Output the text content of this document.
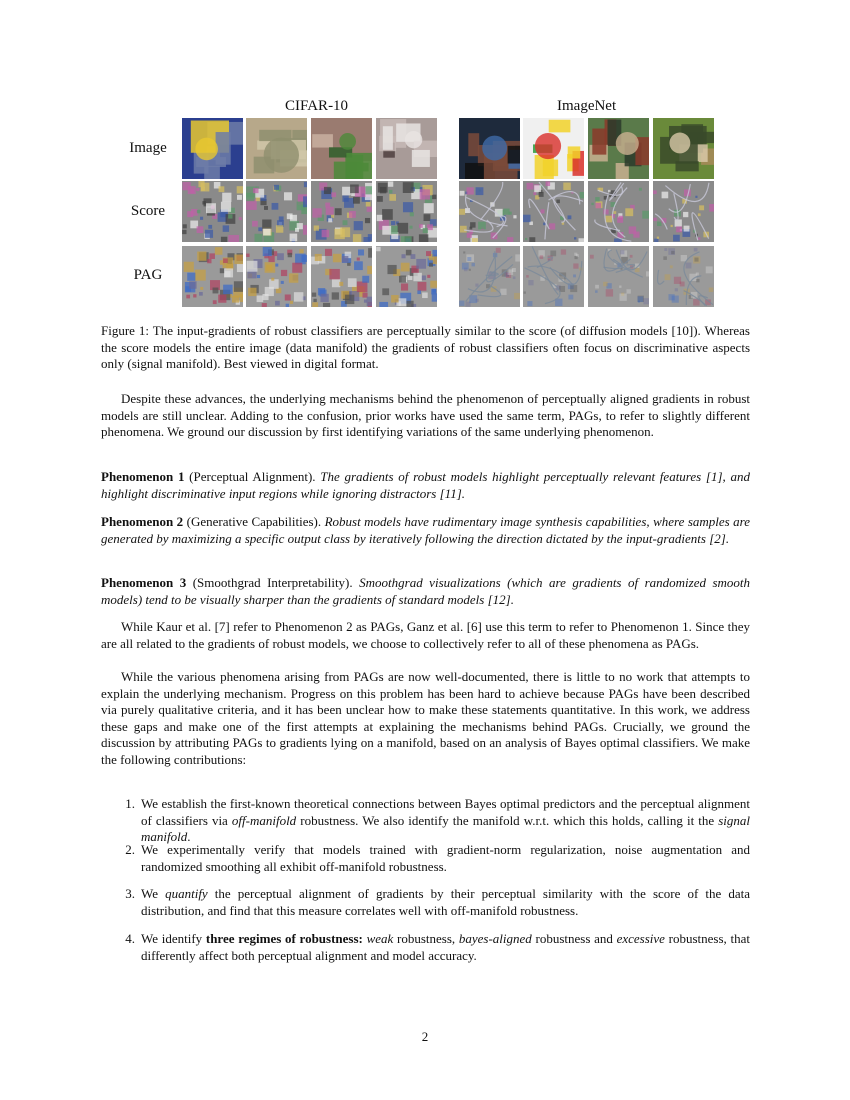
CIFAR-10	ImageNet
Image
Score
PAG
Figure 1: The input-gradients of robust classifiers are perceptually similar to the score (of diffusion models [10]). Whereas the score models the entire image (data manifold) the gradients of robust classifiers often focus on discriminative aspects only (signal manifold). Best viewed in digital format.

Despite these advances, the underlying mechanisms behind the phenomenon of perceptually aligned gradients in robust models are still unclear. Adding to the confusion, prior works have used the same term, PAGs, to refer to slightly different phenomena. We ground our discussion by first identifying variations of the same underlying phenomenon.

Phenomenon 1 (Perceptual Alignment). The gradients of robust models highlight perceptually relevant features [1], and highlight discriminative input regions while ignoring distractors [11].

Phenomenon 2 (Generative Capabilities). Robust models have rudimentary image synthesis capabilities, where samples are generated by maximizing a specific output class by iteratively following the direction dictated by the input-gradients [2].

Phenomenon 3 (Smoothgrad Interpretability). Smoothgrad visualizations (which are gradients of randomized smooth models) tend to be visually sharper than the gradients of standard models [12].

While Kaur et al. [7] refer to Phenomenon 2 as PAGs, Ganz et al. [6] use this term to refer to Phenomenon 1. Since they are all related to the gradients of robust models, we choose to collectively refer to all of these phenomena as PAGs.

While the various phenomena arising from PAGs are now well-documented, there is little to no work that attempts to explain the underlying mechanism. Progress on this problem has been hard to achieve because PAGs have been described via purely qualitative criteria, and it has been unclear how to make these statements quantitative. In this work, we address these gaps and make one of the first attempts at explaining the mechanisms behind PAGs. Crucially, we ground the discussion by attributing PAGs to gradients lying on a manifold, based on an analysis of Bayes optimal classifiers. We make the following contributions:

1. We establish the first-known theoretical connections between Bayes optimal predictors and the perceptual alignment of classifiers via off-manifold robustness. We also identify the manifold w.r.t. which this holds, calling it the signal manifold.
2. We experimentally verify that models trained with gradient-norm regularization, noise augmentation and randomized smoothing all exhibit off-manifold robustness.
3. We quantify the perceptual alignment of gradients by their perceptual similarity with the score of the data distribution, and find that this measure correlates well with off-manifold robustness.
4. We identify three regimes of robustness: weak robustness, bayes-aligned robustness and excessive robustness, that differently affect both perceptual alignment and model accuracy.
2
